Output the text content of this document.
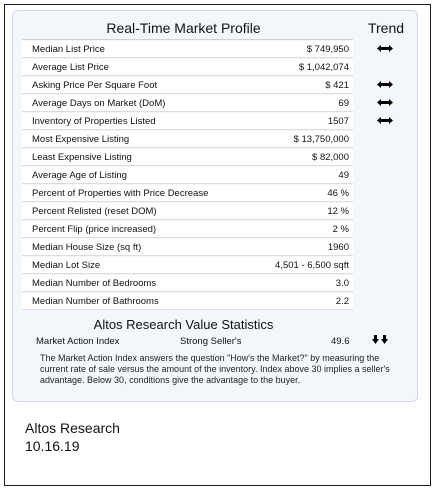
Real-Time Market Profile	Trend
Median List Price	$ 749,950
Average List Price	$ 1,042,074
Asking Price Per Square Foot	$ 421
Average Days on Market (DoM)	69
Inventory of Properties Listed	1507
Most Expensive Listing	$ 13,750,000
Least Expensive Listing	$ 82,000
Average Age of Listing	49
Percent of Properties with Price Decrease	46 %
Percent Relisted (reset DOM)	12 %
Percent Flip (price increased)	2 %
Median House Size (sq ft)	1960
Median Lot Size	4,501 - 6,500 sqft
Median Number of Bedrooms	3.0
Median Number of Bathrooms	2.2
Altos Research Value Statistics
Market Action Index	Strong Seller's	49.6
The Market Action Index answers the question "How's the Market?" by measuring the current rate of sale versus the amount of the inventory. Index above 30 implies a seller's advantage. Below 30, conditions give the advantage to the buyer.
Altos Research
10.16.19
